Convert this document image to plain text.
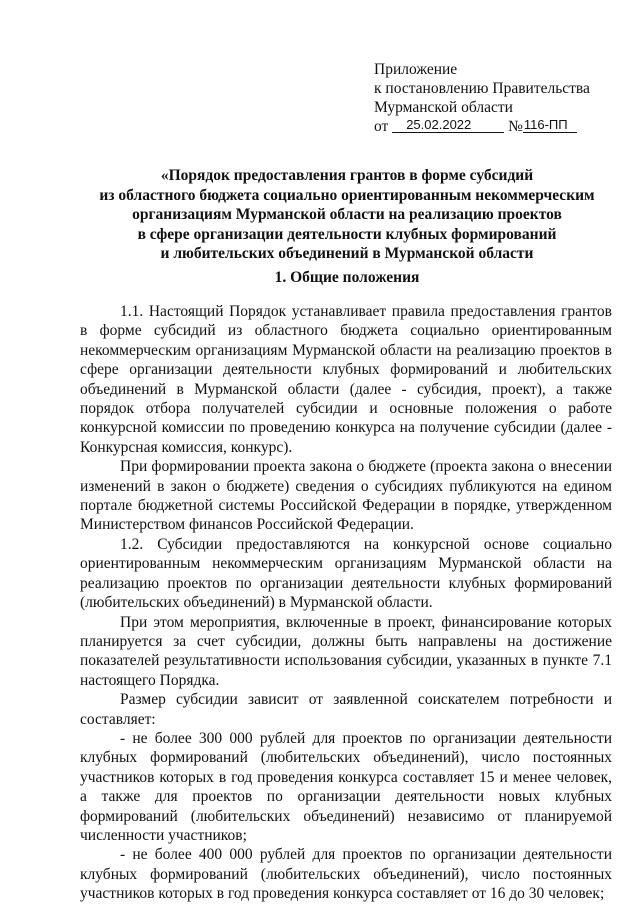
Приложение
к постановлению Правительства
Мурманской области
от 25.02.2022 №116-ПП
«Порядок предоставления грантов в форме субсидий
из областного бюджета социально ориентированным некоммерческим
организациям Мурманской области на реализацию проектов
в сфере организации деятельности клубных формирований
и любительских объединений в Мурманской области
1. Общие положения

1.1. Настоящий Порядок устанавливает правила предоставления грантов в форме субсидий из областного бюджета социально ориентированным некоммерческим организациям Мурманской области на реализацию проектов в сфере организации деятельности клубных формирований и любительских объединений в Мурманской области (далее - субсидия, проект), а также порядок отбора получателей субсидии и основные положения о работе конкурсной комиссии по проведению конкурса на получение субсидии (далее - Конкурсная комиссия, конкурс).

При формировании проекта закона о бюджете (проекта закона о внесении изменений в закон о бюджете) сведения о субсидиях публикуются на едином портале бюджетной системы Российской Федерации в порядке, утвержденном Министерством финансов Российской Федерации.

1.2. Субсидии предоставляются на конкурсной основе социально ориентированным некоммерческим организациям Мурманской области на реализацию проектов по организации деятельности клубных формирований (любительских объединений) в Мурманской области.

При этом мероприятия, включенные в проект, финансирование которых планируется за счет субсидии, должны быть направлены на достижение показателей результативности использования субсидии, указанных в пункте 7.1 настоящего Порядка.

Размер субсидии зависит от заявленной соискателем потребности и составляет:

- не более 300 000 рублей для проектов по организации деятельности клубных формирований (любительских объединений), число постоянных участников которых в год проведения конкурса составляет 15 и менее человек, а также для проектов по организации деятельности новых клубных формирований (любительских объединений) независимо от планируемой численности участников;

- не более 400 000 рублей для проектов по организации деятельности клубных формирований (любительских объединений), число постоянных участников которых в год проведения конкурса составляет от 16 до 30 человек;
